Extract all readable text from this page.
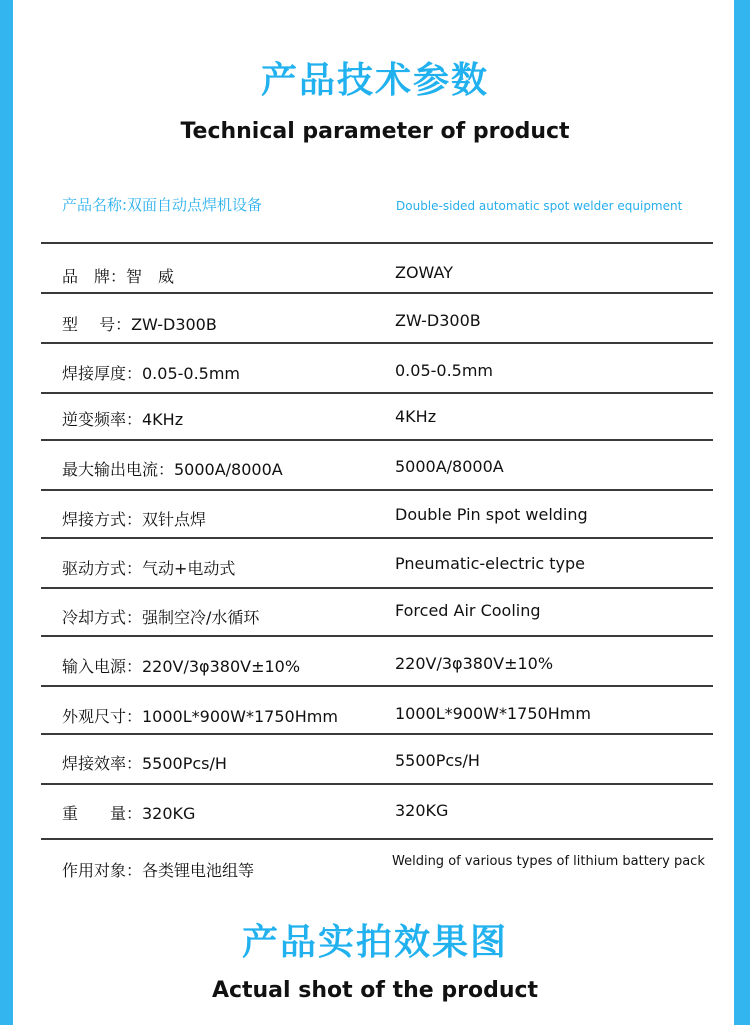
产品技术参数
Technical parameter of product
产品名称:双面自动点焊机设备	Double-sided automatic spot welder equipment
品　牌：智　威	ZOWAY
型　 号：ZW-D300B	ZW-D300B
焊接厚度：0.05-0.5mm	0.05-0.5mm
逆变频率：4KHz	4KHz
最大输出电流：5000A/8000A	5000A/8000A
焊接方式：双针点焊	Double Pin spot welding
驱动方式：气动+电动式	Pneumatic-electric type
冷却方式：强制空冷/水循环	Forced Air Cooling
输入电源：220V/3φ380V±10%	220V/3φ380V±10%
外观尺寸：1000L*900W*1750Hmm	1000L*900W*1750Hmm
焊接效率：5500Pcs/H	5500Pcs/H
重　　量：320KG	320KG
作用对象：各类锂电池组等	Welding of various types of lithium battery pack
产品实拍效果图
Actual shot of the product
